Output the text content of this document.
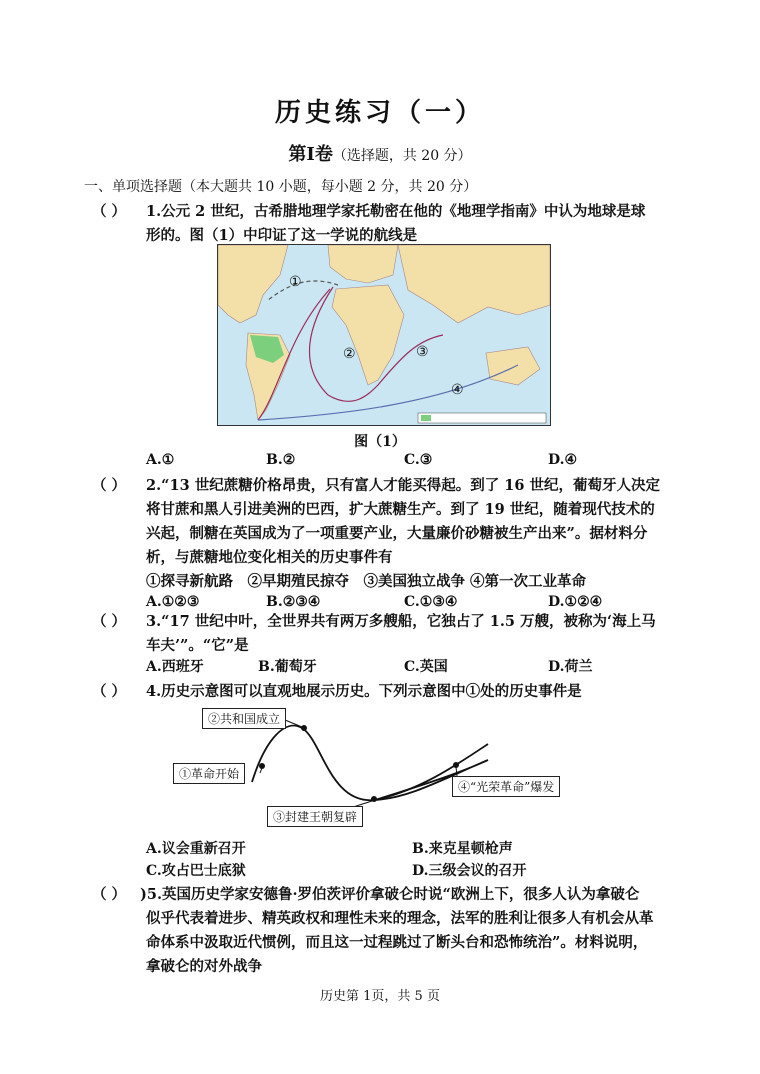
历史练习（一）
第Ⅰ卷（选择题，共 20 分）
一、单项选择题（本大题共 10 小题，每小题 2 分，共 20 分）
（ ） 1.公元 2 世纪，古希腊地理学家托勒密在他的《地理学指南》中认为地球是球
形的。图（1）中印证了这一学说的航线是
①
②	③
④
图（1）
A.①	B.②	C.③	D.④
（ ） 2.“13 世纪蔗糖价格昂贵，只有富人才能买得起。到了 16 世纪，葡萄牙人决定
将甘蔗和黑人引进美洲的巴西，扩大蔗糖生产。到了 19 世纪，随着现代技术的
兴起，制糖在英国成为了一项重要产业，大量廉价砂糖被生产出来”。据材料分
析，与蔗糖地位变化相关的历史事件有
①探寻新航路　②早期殖民掠夺　③美国独立战争 ④第一次工业革命
A.①②③	B.②③④	C.①③④	D.①②④
（ ） 3.“17 世纪中叶，全世界共有两万多艘船，它独占了 1.5 万艘，被称为‘海上马
车夫’”。“它”是
A.西班牙	B.葡萄牙	C.英国	D.荷兰
（ ） 4.历史示意图可以直观地展示历史。下列示意图中①处的历史事件是
②共和国成立
①革命开始
③封建王朝复辟
④“光荣革命”爆发
A.议会重新召开	B.来克星顿枪声
C.攻占巴士底狱	D.三级会议的召开
（ ） )5.英国历史学家安德鲁·罗伯茨评价拿破仑时说“欧洲上下，很多人认为拿破仑
似乎代表着进步、精英政权和理性未来的理念，法军的胜利让很多人有机会从革
命体系中汲取近代惯例，而且这一过程跳过了断头台和恐怖统治”。材料说明，
拿破仑的对外战争
历史第 1页，共 5 页
